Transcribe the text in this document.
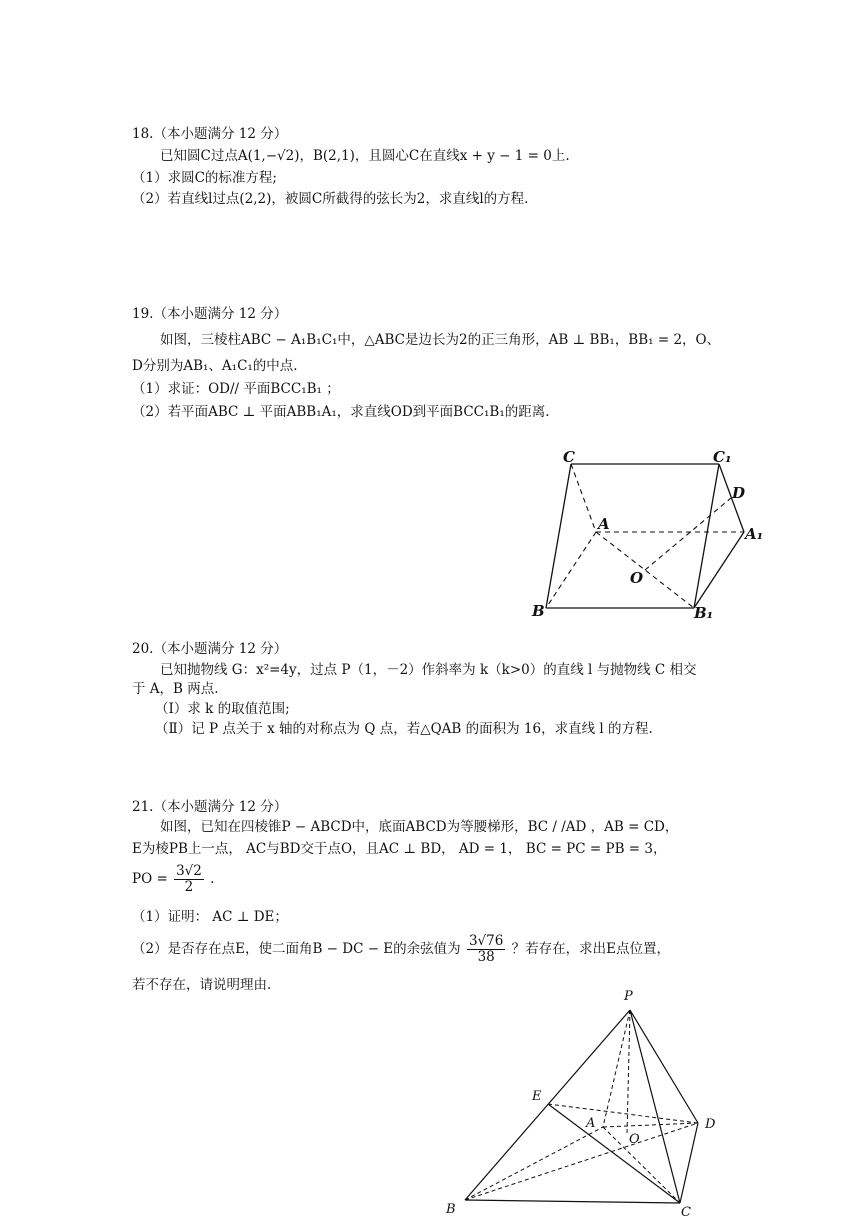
18.（本小题满分 12 分）
已知圆C过点A(1,−√2)，B(2,1)，且圆心C在直线x + y − 1 = 0上.
（1）求圆C的标准方程;
（2）若直线l过点(2,2)，被圆C所截得的弦长为2，求直线l的方程.
19.（本小题满分 12 分）
如图，三棱柱ABC − A₁B₁C₁中，△ABC是边长为2的正三角形，AB ⊥ BB₁，BB₁ = 2，O、
D分别为AB₁、A₁C₁的中点.
（1）求证：OD// 平面BCC₁B₁ ；
（2）若平面ABC ⊥ 平面ABB₁A₁，求直线OD到平面BCC₁B₁的距离.
C	C₁
D
A
A₁
O
B	B₁
20.（本小题满分 12 分）
已知抛物线 G：x²=4y，过点 P（1，－2）作斜率为 k（k>0）的直线 l 与抛物线 C 相交
于 A，B 两点.
（Ⅰ）求 k 的取值范围;
（Ⅱ）记 P 点关于 x 轴的对称点为 Q 点，若△QAB 的面积为 16，求直线 l 的方程.
21.（本小题满分 12 分）
如图，已知在四棱锥P − ABCD中，底面ABCD为等腰梯形，BC / /AD ，AB = CD，
E为棱PB上一点， AC与BD交于点O，且AC ⊥ BD， AD = 1， BC = PC = PB = 3，
PO = $\frac{3√2}{2}$ .
（1）证明： AC ⊥ DE；
（2）是否存在点E，使二面角B − DC − E的余弦值为 $\frac{3√76}{38}$ ？若存在，求出E点位置，
若不存在，请说明理由.
P
E
A
O
D
B	C
